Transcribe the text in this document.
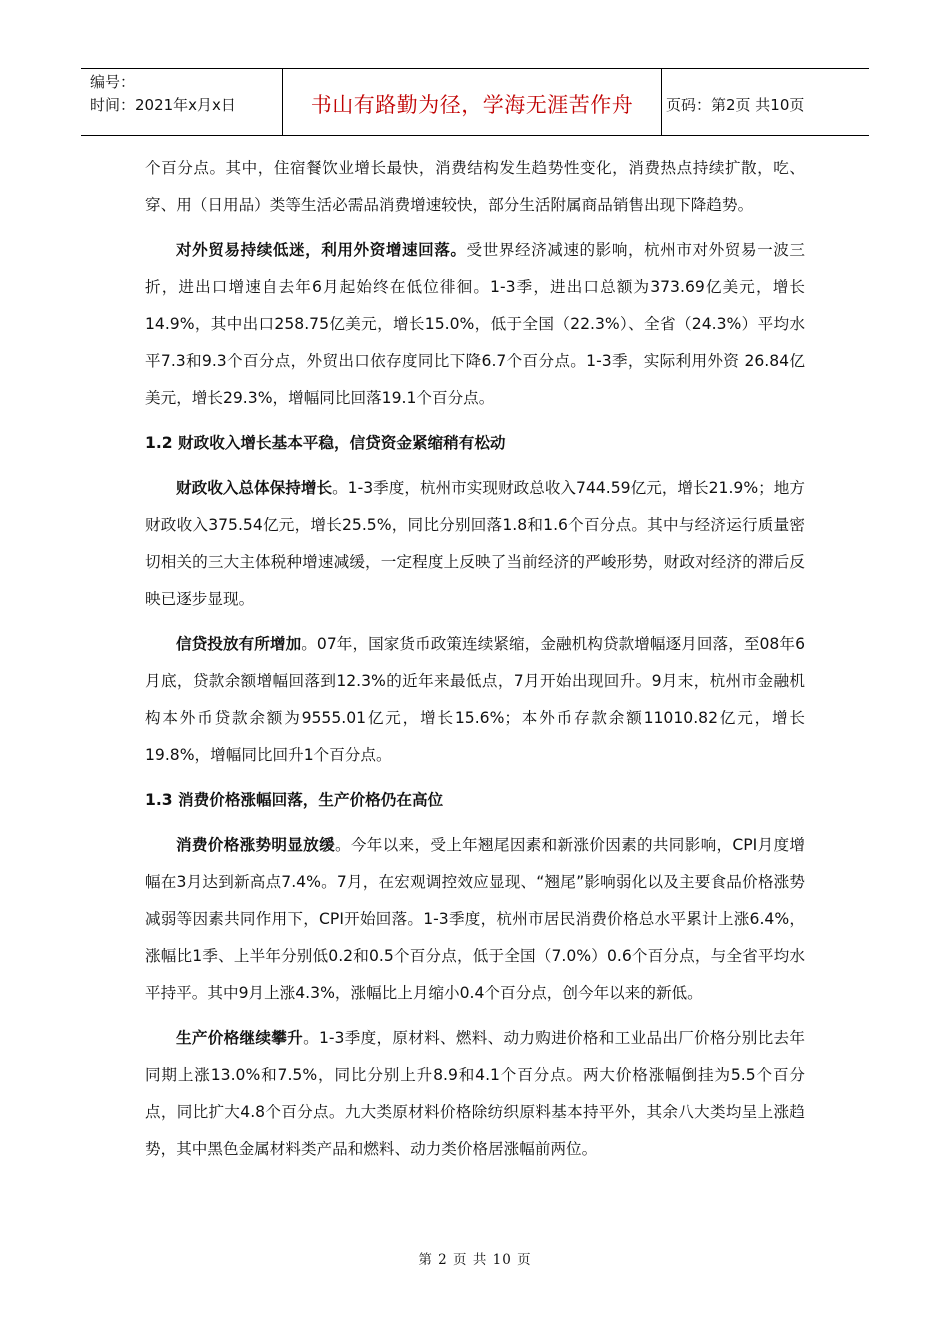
编号：
时间：2021年x月x日	书山有路勤为径，学海无涯苦作舟	页码：第2页 共10页

个百分点。其中，住宿餐饮业增长最快，消费结构发生趋势性变化，消费热点持续扩散，吃、穿、用（日用品）类等生活必需品消费增速较快，部分生活附属商品销售出现下降趋势。

对外贸易持续低迷，利用外资增速回落。受世界经济减速的影响，杭州市对外贸易一波三折，进出口增速自去年6月起始终在低位徘徊。1-3季，进出口总额为373.69亿美元，增长14.9%，其中出口258.75亿美元，增长15.0%，低于全国（22.3%）、全省（24.3%）平均水平7.3和9.3个百分点，外贸出口依存度同比下降6.7个百分点。1-3季，实际利用外资 26.84亿美元，增长29.3%，增幅同比回落19.1个百分点。

1.2 财政收入增长基本平稳，信贷资金紧缩稍有松动

财政收入总体保持增长。1-3季度，杭州市实现财政总收入744.59亿元，增长21.9%；地方财政收入375.54亿元，增长25.5%，同比分别回落1.8和1.6个百分点。其中与经济运行质量密切相关的三大主体税种增速减缓，一定程度上反映了当前经济的严峻形势，财政对经济的滞后反映已逐步显现。

信贷投放有所增加。07年，国家货币政策连续紧缩，金融机构贷款增幅逐月回落，至08年6月底，贷款余额增幅回落到12.3%的近年来最低点，7月开始出现回升。9月末，杭州市金融机构本外币贷款余额为9555.01亿元，增长15.6%；本外币存款余额11010.82亿元，增长19.8%，增幅同比回升1个百分点。

1.3 消费价格涨幅回落，生产价格仍在高位

消费价格涨势明显放缓。今年以来，受上年翘尾因素和新涨价因素的共同影响，CPI月度增幅在3月达到新高点7.4%。7月，在宏观调控效应显现、“翘尾”影响弱化以及主要食品价格涨势减弱等因素共同作用下，CPI开始回落。1-3季度，杭州市居民消费价格总水平累计上涨6.4%，涨幅比1季、上半年分别低0.2和0.5个百分点，低于全国（7.0%）0.6个百分点，与全省平均水平持平。其中9月上涨4.3%，涨幅比上月缩小0.4个百分点，创今年以来的新低。

生产价格继续攀升。1-3季度，原材料、燃料、动力购进价格和工业品出厂价格分别比去年同期上涨13.0%和7.5%，同比分别上升8.9和4.1个百分点。两大价格涨幅倒挂为5.5个百分点，同比扩大4.8个百分点。九大类原材料价格除纺织原料基本持平外，其余八大类均呈上涨趋势，其中黑色金属材料类产品和燃料、动力类价格居涨幅前两位。

第 2 页 共 10 页
